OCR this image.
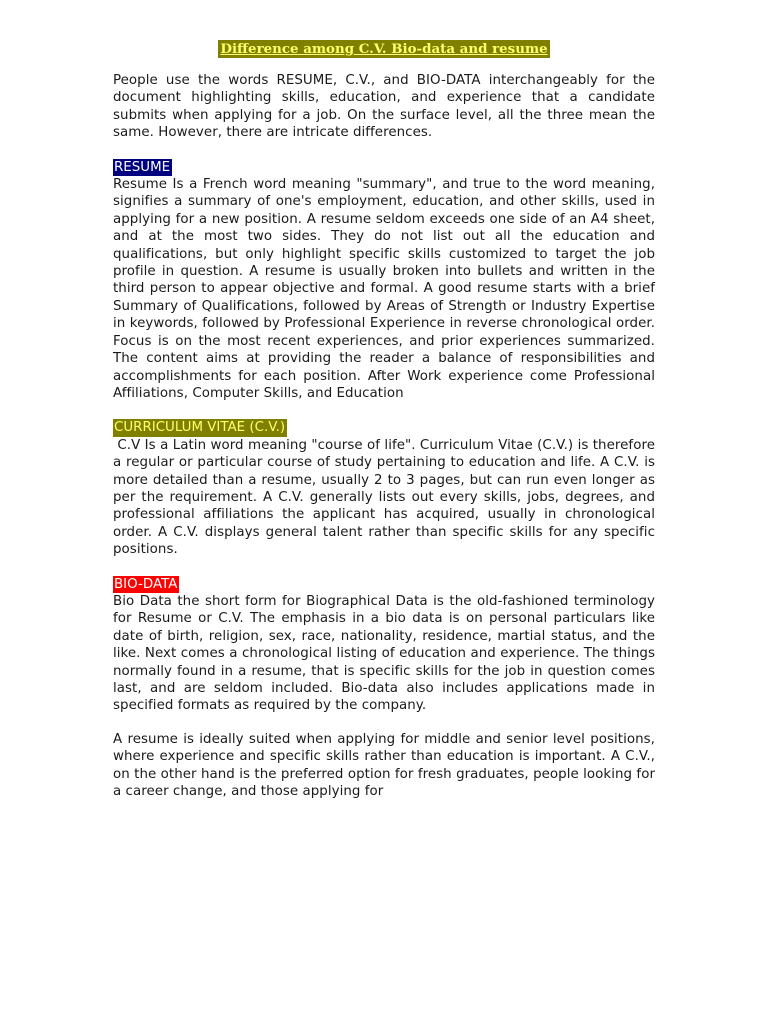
Difference among C.V. Bio-data and resume

People use the words RESUME, C.V., and BIO-DATA interchangeably for the document highlighting skills, education, and experience that a candidate submits when applying for a job. On the surface level, all the three mean the same. However, there are intricate differences.

RESUME

Resume Is a French word meaning "summary", and true to the word meaning, signifies a summary of one's employment, education, and other skills, used in applying for a new position. A resume seldom exceeds one side of an A4 sheet, and at the most two sides. They do not list out all the education and qualifications, but only highlight specific skills customized to target the job profile in question. A resume is usually broken into bullets and written in the third person to appear objective and formal. A good resume starts with a brief Summary of Qualifications, followed by Areas of Strength or Industry Expertise in keywords, followed by Professional Experience in reverse chronological order. Focus is on the most recent experiences, and prior experiences summarized. The content aims at providing the reader a balance of responsibilities and accomplishments for each position. After Work experience come Professional Affiliations, Computer Skills, and Education

CURRICULUM VITAE (C.V.)

C.V Is a Latin word meaning "course of life". Curriculum Vitae (C.V.) is therefore a regular or particular course of study pertaining to education and life. A C.V. is more detailed than a resume, usually 2 to 3 pages, but can run even longer as per the requirement. A C.V. generally lists out every skills, jobs, degrees, and professional affiliations the applicant has acquired, usually in chronological order. A C.V. displays general talent rather than specific skills for any specific positions.

BIO-DATA

Bio Data the short form for Biographical Data is the old-fashioned terminology for Resume or C.V. The emphasis in a bio data is on personal particulars like date of birth, religion, sex, race, nationality, residence, martial status, and the like. Next comes a chronological listing of education and experience. The things normally found in a resume, that is specific skills for the job in question comes last, and are seldom included. Bio-data also includes applications made in specified formats as required by the company.

A resume is ideally suited when applying for middle and senior level positions, where experience and specific skills rather than education is important. A C.V., on the other hand is the preferred option for fresh graduates, people looking for a career change, and those applying for
